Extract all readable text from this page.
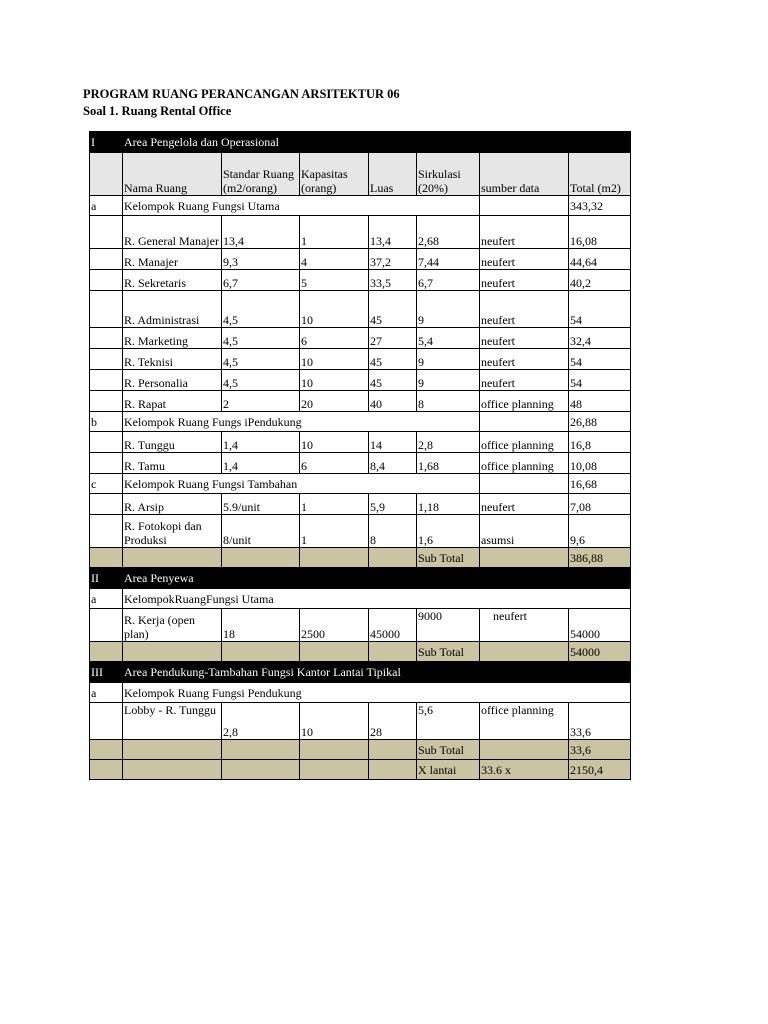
PROGRAM RUANG PERANCANGAN ARSITEKTUR 06
Soal 1. Ruang Rental Office
I	Area Pengelola dan Operasional						
	Nama Ruang	Standar Ruang (m2/orang)	Kapasitas (orang)	Luas	Sirkulasi (20%)	sumber data	Total (m2)
a	Kelompok Ruang Fungsi Utama						343,32
	R. General Manajer	13,4	1	13,4	2,68	neufert	16,08
	R. Manajer	9,3	4	37,2	7,44	neufert	44,64
	R. Sekretaris	6,7	5	33,5	6,7	neufert	40,2
	R. Administrasi	4,5	10	45	9	neufert	54
	R. Marketing	4,5	6	27	5,4	neufert	32,4
	R. Teknisi	4,5	10	45	9	neufert	54
	R. Personalia	4,5	10	45	9	neufert	54
	R. Rapat	2	20	40	8	office planning	48
b	Kelompok Ruang Fungs iPendukung						26,88
	R. Tunggu	1,4	10	14	2,8	office planning	16,8
	R. Tamu	1,4	6	8,4	1,68	office planning	10,08
c	Kelompok Ruang Fungsi Tambahan						16,68
	R. Arsip	5.9/unit	1	5,9	1,18	neufert	7,08
	R. Fotokopi dan Produksi	8/unit	1	8	1,6	asumsi	9,6
					Sub Total		386,88
II	Area Penyewa						
a	KelompokRuangFungsi Utama						
	R. Kerja (open plan)	18	2500	45000	9000	neufert	54000
					Sub Total		54000
III	Area Pendukung-Tambahan Fungsi Kantor Lantai Tipikal						
a	Kelompok Ruang Fungsi Pendukung						
	Lobby - R. Tunggu	2,8	10	28	5,6	office planning	33,6
					Sub Total		33,6
					X lantai	33.6 x	2150,4
